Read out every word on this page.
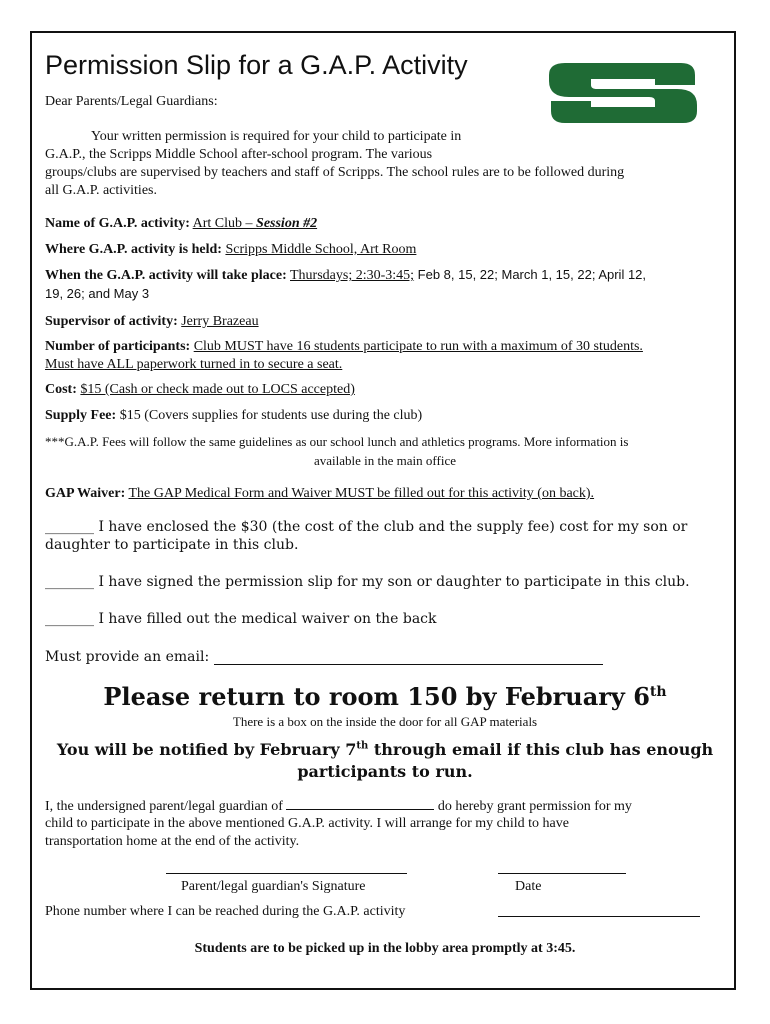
Permission Slip for a G.A.P. Activity
Dear Parents/Legal Guardians:
Your written permission is required for your child to participate in
G.A.P., the Scripps Middle School after-school program. The various
groups/clubs are supervised by teachers and staff of Scripps. The school rules are to be followed during
all G.A.P. activities.
Name of G.A.P. activity: Art Club – Session #2
Where G.A.P. activity is held: Scripps Middle School, Art Room
When the G.A.P. activity will take place: Thursdays; 2:30-3:45; Feb 8, 15, 22; March 1, 15, 22; April 12,
19, 26; and May 3
Supervisor of activity: Jerry Brazeau
Number of participants: Club MUST have 16 students participate to run with a maximum of 30 students.
Must have ALL paperwork turned in to secure a seat.
Cost: $15 (Cash or check made out to LOCS accepted)
Supply Fee: $15 (Covers supplies for students use during the club)
***G.A.P. Fees will follow the same guidelines as our school lunch and athletics programs. More information is
available in the main office
GAP Waiver: The GAP Medical Form and Waiver MUST be filled out for this activity (on back).
_______ I have enclosed the $30 (the cost of the club and the supply fee) cost for my son or
daughter to participate in this club.
_______ I have signed the permission slip for my son or daughter to participate in this club.
_______ I have filled out the medical waiver on the back
Must provide an email:
Please return to room 150 by February 6th
There is a box on the inside the door for all GAP materials
You will be notified by February 7th through email if this club has enough
participants to run.
I, the undersigned parent/legal guardian of	do hereby grant permission for my
child to participate in the above mentioned G.A.P. activity. I will arrange for my child to have
transportation home at the end of the activity.
Parent/legal guardian's Signature	Date
Phone number where I can be reached during the G.A.P. activity
Students are to be picked up in the lobby area promptly at 3:45.
